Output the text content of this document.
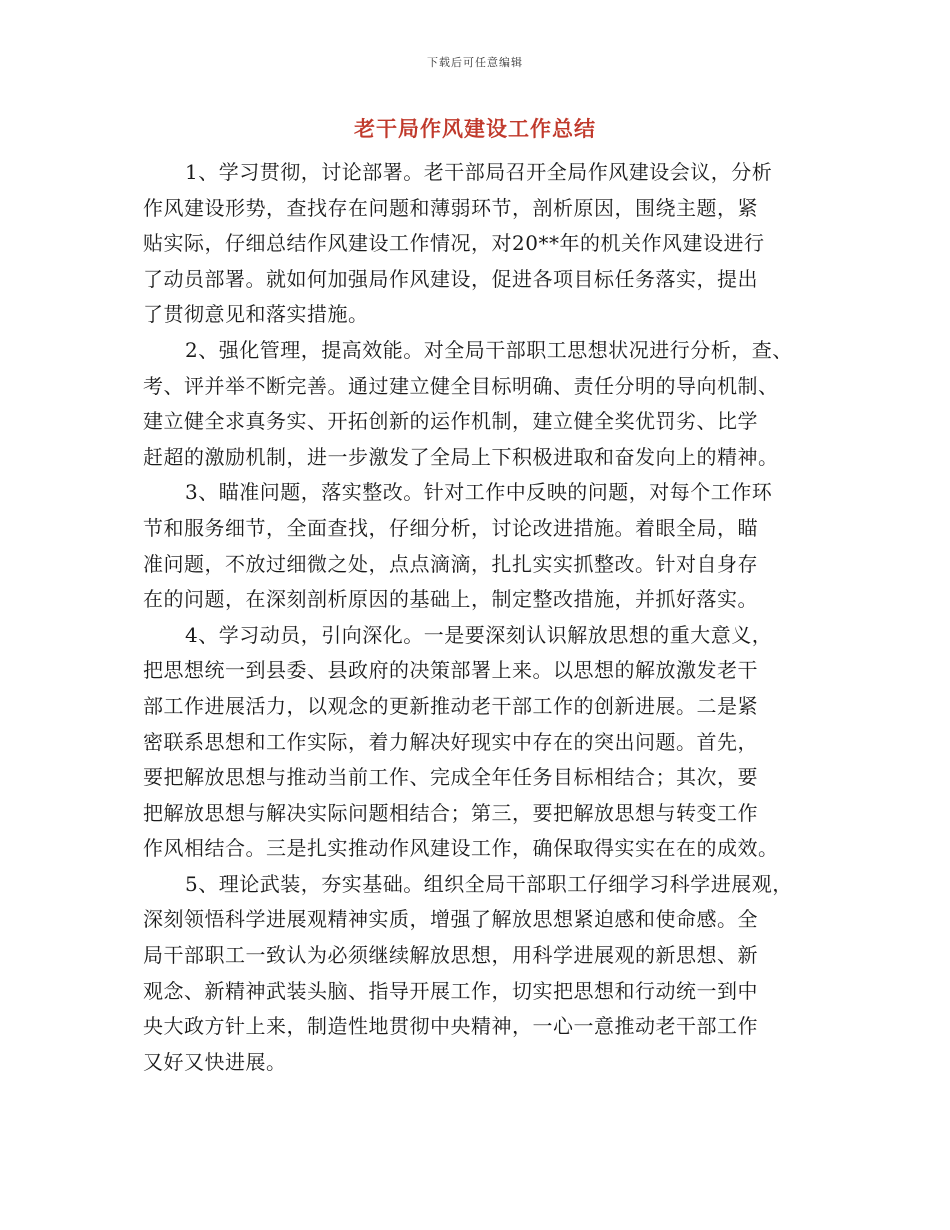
下载后可任意编辑
老干局作风建设工作总结
1、学习贯彻，讨论部署。老干部局召开全局作风建设会议，分析
作风建设形势，查找存在问题和薄弱环节，剖析原因，围绕主题，紧
贴实际，仔细总结作风建设工作情况，对20**年的机关作风建设进行
了动员部署。就如何加强局作风建设，促进各项目标任务落实，提出
了贯彻意见和落实措施。
2、强化管理，提高效能。对全局干部职工思想状况进行分析，查、
考、评并举不断完善。通过建立健全目标明确、责任分明的导向机制、
建立健全求真务实、开拓创新的运作机制，建立健全奖优罚劣、比学
赶超的激励机制，进一步激发了全局上下积极进取和奋发向上的精神。
3、瞄准问题，落实整改。针对工作中反映的问题，对每个工作环
节和服务细节，全面查找，仔细分析，讨论改进措施。着眼全局，瞄
准问题，不放过细微之处，点点滴滴，扎扎实实抓整改。针对自身存
在的问题，在深刻剖析原因的基础上，制定整改措施，并抓好落实。
4、学习动员，引向深化。一是要深刻认识解放思想的重大意义，
把思想统一到县委、县政府的决策部署上来。以思想的解放激发老干
部工作进展活力，以观念的更新推动老干部工作的创新进展。二是紧
密联系思想和工作实际，着力解决好现实中存在的突出问题。首先，
要把解放思想与推动当前工作、完成全年任务目标相结合；其次，要
把解放思想与解决实际问题相结合；第三，要把解放思想与转变工作
作风相结合。三是扎实推动作风建设工作，确保取得实实在在的成效。
5、理论武装，夯实基础。组织全局干部职工仔细学习科学进展观，
深刻领悟科学进展观精神实质，增强了解放思想紧迫感和使命感。全
局干部职工一致认为必须继续解放思想，用科学进展观的新思想、新
观念、新精神武装头脑、指导开展工作，切实把思想和行动统一到中
央大政方针上来，制造性地贯彻中央精神，一心一意推动老干部工作
又好又快进展。
